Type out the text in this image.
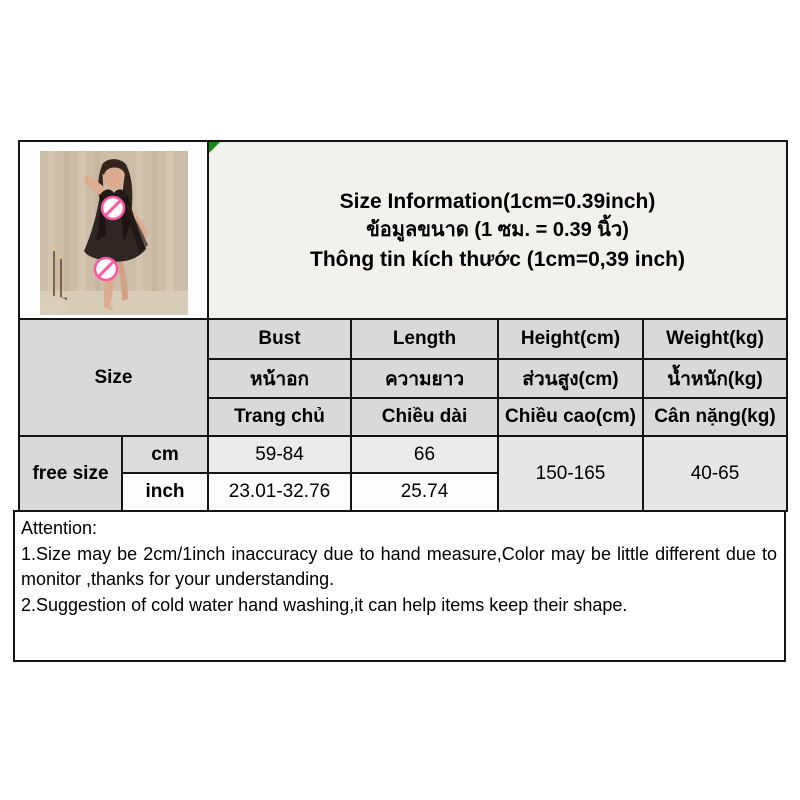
Size Information(1cm=0.39inch)
ข้อมูลขนาด (1 ซม. = 0.39 นิ้ว)
Thông tin kích thước (1cm=0,39 inch)			

Size		Bust	Length	Height(cm)	Weight(kg)
		หน้าอก	ความยาว	ส่วนสูง(cm)	น้ำหนัก(kg)
		Trang chủ	Chiều dài	Chiều cao(cm)	Cân nặng(kg)
free size	cm	59-84	66	150-165	40-65
	inch	23.01-32.76	25.74		
Attention:
1.Size may be 2cm/1inch inaccuracy due to hand measure,Color may be little different due to monitor ,thanks for your understanding.
2.Suggestion of cold water hand washing,it can help items keep their shape.
